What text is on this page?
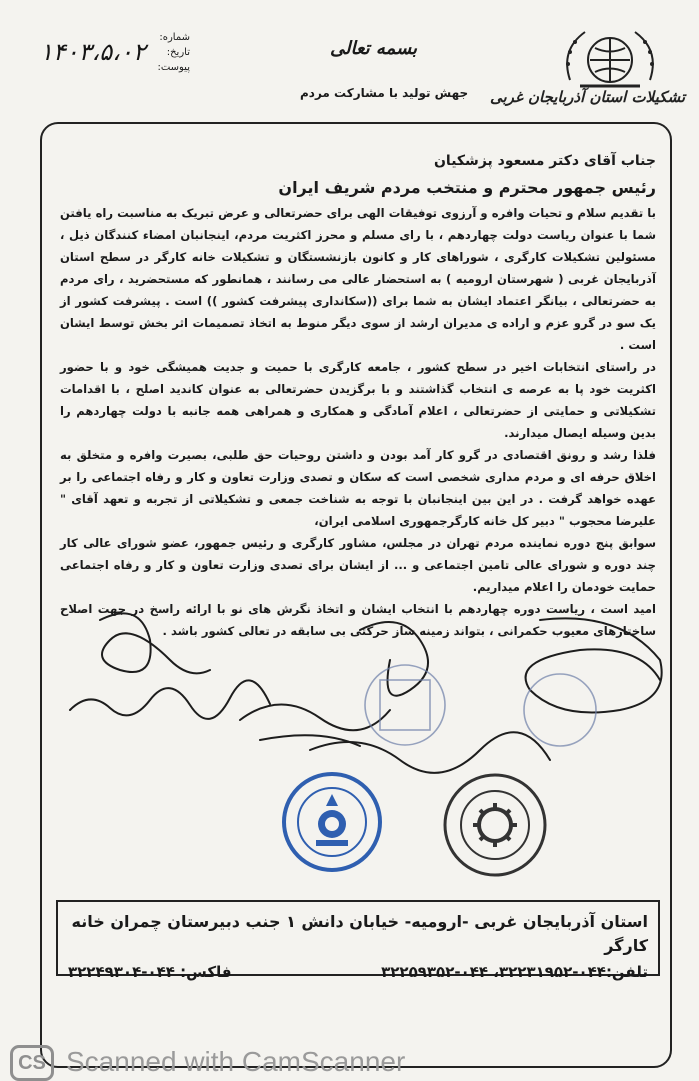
تشکیلات استان آذربایجان غربی
بسمه تعالی
جهش تولید با مشارکت مردم
شماره:
تاریخ:
پیوست:
۱۴۰۳،۵،۰۲

جناب آقای دکتر مسعود پزشکیان

رئیس جمهور محترم و منتخب مردم شریف ایران

با تقدیم سلام و تحیات وافره و آرزوی توفیقات الهی برای حضرتعالی و عرض تبریک به مناسبت راه یافتن شما با عنوان ریاست دولت چهاردهم ، با رای مسلم و محرز اکثریت مردم، اینجانبان امضاء کنندگان ذیل ، مسئولین تشکیلات کارگری ، شوراهای کار و کانون بازنشستگان و تشکیلات خانه کارگر در سطح استان آذربایجان غربی ( شهرستان ارومیه ) به استحضار عالی می رسانند ، همانطور که مستحضرید ، رای مردم به حضرتعالی ، بیانگر اعتماد ایشان به شما برای ((سکانداری پیشرفت کشور )) است . پیشرفت کشور از یک سو در گرو عزم و اراده ی مدیران ارشد از سوی دیگر منوط به اتخاذ تصمیمات اثر بخش توسط ایشان است .

در راستای انتخابات اخیر در سطح کشور ، جامعه کارگری با حمیت و جدیت همیشگی خود و با حضور اکثریت خود پا به عرصه ی انتخاب گذاشتند و با برگزیدن حضرتعالی به عنوان کاندید اصلح ، با اقدامات تشکیلاتی و حمایتی از حضرتعالی ، اعلام آمادگی و همکاری و همراهی همه جانبه با دولت چهاردهم را بدین وسیله ایصال میدارند.

فلذا رشد و رونق اقتصادی در گرو کار آمد بودن و داشتن روحیات حق طلبی، بصیرت وافره و متخلق به اخلاق حرفه ای و مردم مداری شخصی است که سکان و تصدی وزارت تعاون و کار و رفاه اجتماعی را بر عهده خواهد گرفت . در این بین اینجانبان با توجه به شناخت جمعی و تشکیلاتی از تجربه و تعهد آقای " علیرضا محجوب " دبیر کل خانه کارگرجمهوری اسلامی ایران،

سوابق پنج دوره نماینده مردم تهران در مجلس، مشاور کارگری و رئیس جمهور، عضو شورای عالی کار چند دوره و شورای عالی تامین اجتماعی و ... از ایشان برای تصدی وزارت تعاون و کار و رفاه اجتماعی حمایت خودمان را اعلام میداریم.

امید است ، ریاست دوره چهاردهم با انتخاب ایشان و اتخاذ نگرش های نو با ارائه راسخ در جهت اصلاح ساختارهای معیوب حکمرانی ، بتواند زمینه ساز حرکتی بی سابقه در تعالی کشور باشد .

استان آذربایجان غربی -ارومیه- خیابان دانش ۱ جنب دبیرستان چمران خانه کارگر
تلفن:۰۴۴-۳۲۲۳۱۹۵۲، ۰۴۴-۳۲۲۵۹۳۵۲
فاکس: ۰۴۴-۳۲۲۴۹۳۰۴
CS Scanned with CamScanner
